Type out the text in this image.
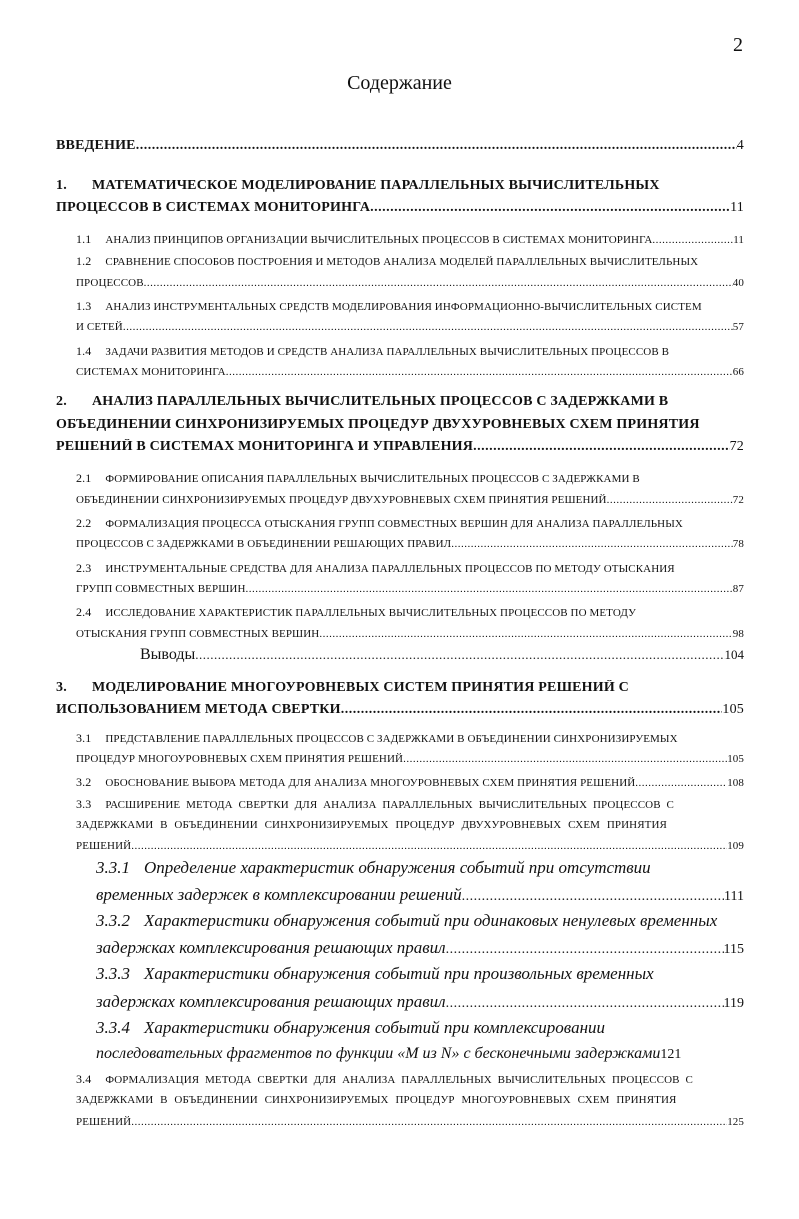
2
Содержание
ВВЕДЕНИЕ .....	4
1. МАТЕМАТИЧЕСКОЕ МОДЕЛИРОВАНИЕ ПАРАЛЛЕЛЬНЫХ ВЫЧИСЛИТЕЛЬНЫХ
ПРОЦЕССОВ В СИСТЕМАХ МОНИТОРИНГА .....	11
1.1 АНАЛИЗ ПРИНЦИПОВ ОРГАНИЗАЦИИ ВЫЧИСЛИТЕЛЬНЫХ ПРОЦЕССОВ В СИСТЕМАХ МОНИТОРИНГА .....	11
1.2 СРАВНЕНИЕ СПОСОБОВ ПОСТРОЕНИЯ И МЕТОДОВ АНАЛИЗА МОДЕЛЕЙ ПАРАЛЛЕЛЬНЫХ ВЫЧИСЛИТЕЛЬНЫХ
ПРОЦЕССОВ .....	40
1.3 АНАЛИЗ ИНСТРУМЕНТАЛЬНЫХ СРЕДСТВ МОДЕЛИРОВАНИЯ ИНФОРМАЦИОННО-ВЫЧИСЛИТЕЛЬНЫХ СИСТЕМ
И СЕТЕЙ .....	57
1.4 ЗАДАЧИ РАЗВИТИЯ МЕТОДОВ И СРЕДСТВ АНАЛИЗА ПАРАЛЛЕЛЬНЫХ ВЫЧИСЛИТЕЛЬНЫХ ПРОЦЕССОВ В
СИСТЕМАХ МОНИТОРИНГА .....	66
2. АНАЛИЗ ПАРАЛЛЕЛЬНЫХ ВЫЧИСЛИТЕЛЬНЫХ ПРОЦЕССОВ С ЗАДЕРЖКАМИ В
ОБЪЕДИНЕНИИ СИНХРОНИЗИРУЕМЫХ ПРОЦЕДУР ДВУХУРОВНЕВЫХ СХЕМ ПРИНЯТИЯ
РЕШЕНИЙ В СИСТЕМАХ МОНИТОРИНГА И УПРАВЛЕНИЯ .....	72
2.1 ФОРМИРОВАНИЕ ОПИСАНИЯ ПАРАЛЛЕЛЬНЫХ ВЫЧИСЛИТЕЛЬНЫХ ПРОЦЕССОВ С ЗАДЕРЖКАМИ В
ОБЪЕДИНЕНИИ СИНХРОНИЗИРУЕМЫХ ПРОЦЕДУР ДВУХУРОВНЕВЫХ СХЕМ ПРИНЯТИЯ РЕШЕНИЙ .....	72
2.2 ФОРМАЛИЗАЦИЯ ПРОЦЕССА ОТЫСКАНИЯ ГРУПП СОВМЕСТНЫХ ВЕРШИН ДЛЯ АНАЛИЗА ПАРАЛЛЕЛЬНЫХ
ПРОЦЕССОВ С ЗАДЕРЖКАМИ В ОБЪЕДИНЕНИИ РЕШАЮЩИХ ПРАВИЛ .....	78
2.3 ИНСТРУМЕНТАЛЬНЫЕ СРЕДСТВА ДЛЯ АНАЛИЗА ПАРАЛЛЕЛЬНЫХ ПРОЦЕССОВ ПО МЕТОДУ ОТЫСКАНИЯ
ГРУПП СОВМЕСТНЫХ ВЕРШИН .....	87
2.4 ИССЛЕДОВАНИЕ ХАРАКТЕРИСТИК ПАРАЛЛЕЛЬНЫХ ВЫЧИСЛИТЕЛЬНЫХ ПРОЦЕССОВ ПО МЕТОДУ
ОТЫСКАНИЯ ГРУПП СОВМЕСТНЫХ ВЕРШИН .....	98
Выводы .....	104
3. МОДЕЛИРОВАНИЕ МНОГОУРОВНЕВЫХ СИСТЕМ ПРИНЯТИЯ РЕШЕНИЙ С
ИСПОЛЬЗОВАНИЕМ МЕТОДА СВЕРТКИ .....	105
3.1 ПРЕДСТАВЛЕНИЕ ПАРАЛЛЕЛЬНЫХ ПРОЦЕССОВ С ЗАДЕРЖКАМИ В ОБЪЕДИНЕНИИ СИНХРОНИЗИРУЕМЫХ
ПРОЦЕДУР МНОГОУРОВНЕВЫХ СХЕМ ПРИНЯТИЯ РЕШЕНИЙ .....	105
3.2 ОБОСНОВАНИЕ ВЫБОРА МЕТОДА ДЛЯ АНАЛИЗА МНОГОУРОВНЕВЫХ СХЕМ ПРИНЯТИЯ РЕШЕНИЙ .....	108
3.3 РАСШИРЕНИЕ МЕТОДА СВЕРТКИ ДЛЯ АНАЛИЗА ПАРАЛЛЕЛЬНЫХ ВЫЧИСЛИТЕЛЬНЫХ ПРОЦЕССОВ С
ЗАДЕРЖКАМИ В ОБЪЕДИНЕНИИ СИНХРОНИЗИРУЕМЫХ ПРОЦЕДУР ДВУХУРОВНЕВЫХ СХЕМ ПРИНЯТИЯ
РЕШЕНИЙ .....	109
3.3.1 Определение характеристик обнаружения событий при отсутствии
временных задержек в комплексировании решений .....	111
3.3.2 Характеристики обнаружения событий при одинаковых ненулевых временных
задержках комплексирования решающих правил .....	115
3.3.3 Характеристики обнаружения событий при произвольных временных
задержках комплексирования решающих правил .....	119
3.3.4 Характеристики обнаружения событий при комплексировании
последовательных фрагментов по функции «М из N» с бесконечными задержками 121
3.4 ФОРМАЛИЗАЦИЯ МЕТОДА СВЕРТКИ ДЛЯ АНАЛИЗА ПАРАЛЛЕЛЬНЫХ ВЫЧИСЛИТЕЛЬНЫХ ПРОЦЕССОВ С
ЗАДЕРЖКАМИ В ОБЪЕДИНЕНИИ СИНХРОНИЗИРУЕМЫХ ПРОЦЕДУР МНОГОУРОВНЕВЫХ СХЕМ ПРИНЯТИЯ
РЕШЕНИЙ .....	125
